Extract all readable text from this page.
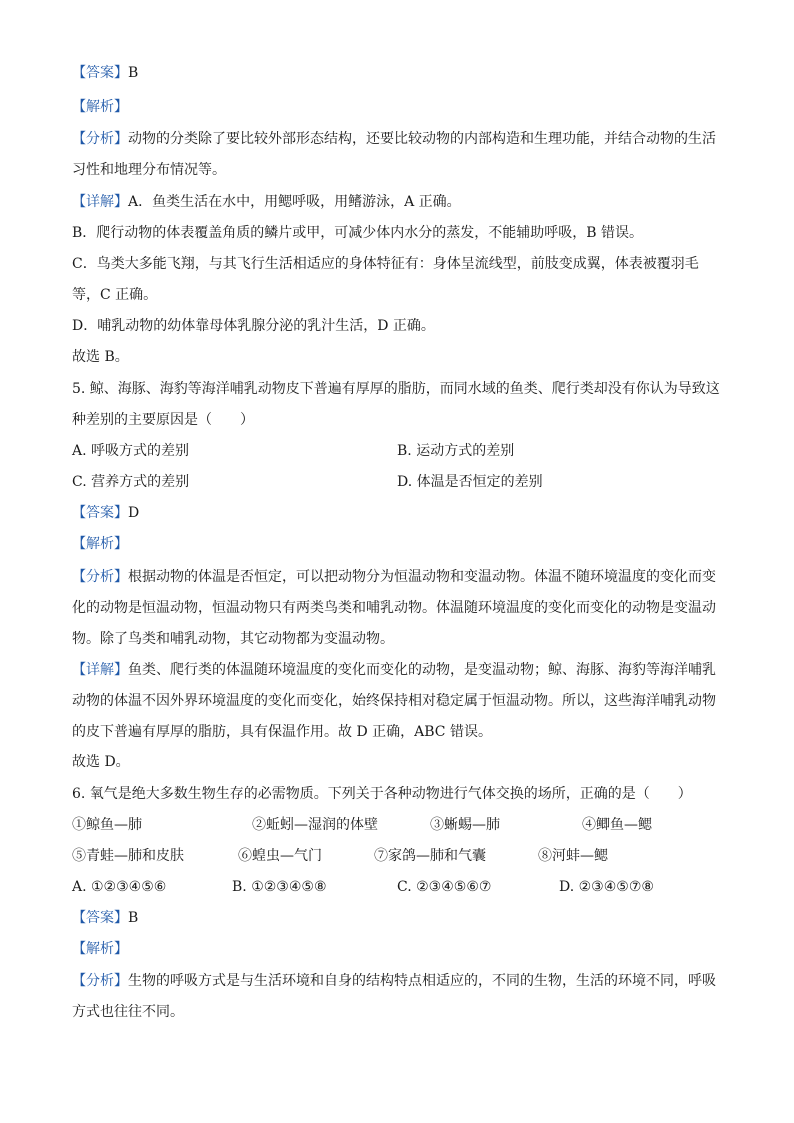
【答案】B
【解析】
【分析】动物的分类除了要比较外部形态结构，还要比较动物的内部构造和生理功能，并结合动物的生活习性和地理分布情况等。
【详解】A．鱼类生活在水中，用鳃呼吸，用鳍游泳，A 正确。
B．爬行动物的体表覆盖角质的鳞片或甲，可减少体内水分的蒸发，不能辅助呼吸，B 错误。
C．鸟类大多能飞翔，与其飞行生活相适应的身体特征有：身体呈流线型，前肢变成翼，体表被覆羽毛等，C 正确。
D．哺乳动物的幼体靠母体乳腺分泌的乳汁生活，D 正确。
故选 B。
5. 鲸、海豚、海豹等海洋哺乳动物皮下普遍有厚厚的脂肪，而同水域的鱼类、爬行类却没有你认为导致这种差别的主要原因是（　　）
A. 呼吸方式的差别	B. 运动方式的差别
C. 营养方式的差别	D. 体温是否恒定的差别
【答案】D
【解析】
【分析】根据动物的体温是否恒定，可以把动物分为恒温动物和变温动物。体温不随环境温度的变化而变化的动物是恒温动物，恒温动物只有两类鸟类和哺乳动物。体温随环境温度的变化而变化的动物是变温动物。除了鸟类和哺乳动物，其它动物都为变温动物。
【详解】鱼类、爬行类的体温随环境温度的变化而变化的动物，是变温动物；鲸、海豚、海豹等海洋哺乳动物的体温不因外界环境温度的变化而变化，始终保持相对稳定属于恒温动物。所以，这些海洋哺乳动物的皮下普遍有厚厚的脂肪，具有保温作用。故 D 正确，ABC 错误。
故选 D。
6. 氧气是绝大多数生物生存的必需物质。下列关于各种动物进行气体交换的场所，正确的是（　　）
①鲸鱼—肺	②蚯蚓—湿润的体壁	③蜥蜴—肺	④鲫鱼—鳃
⑤青蛙—肺和皮肤	⑥蝗虫—气门	⑦家鸽—肺和气囊	⑧河蚌—鳃
A. ①②③④⑤⑥	B. ①②③④⑤⑧	C. ②③④⑤⑥⑦	D. ②③④⑤⑦⑧
【答案】B
【解析】
【分析】生物的呼吸方式是与生活环境和自身的结构特点相适应的，不同的生物，生活的环境不同，呼吸方式也往往不同。
